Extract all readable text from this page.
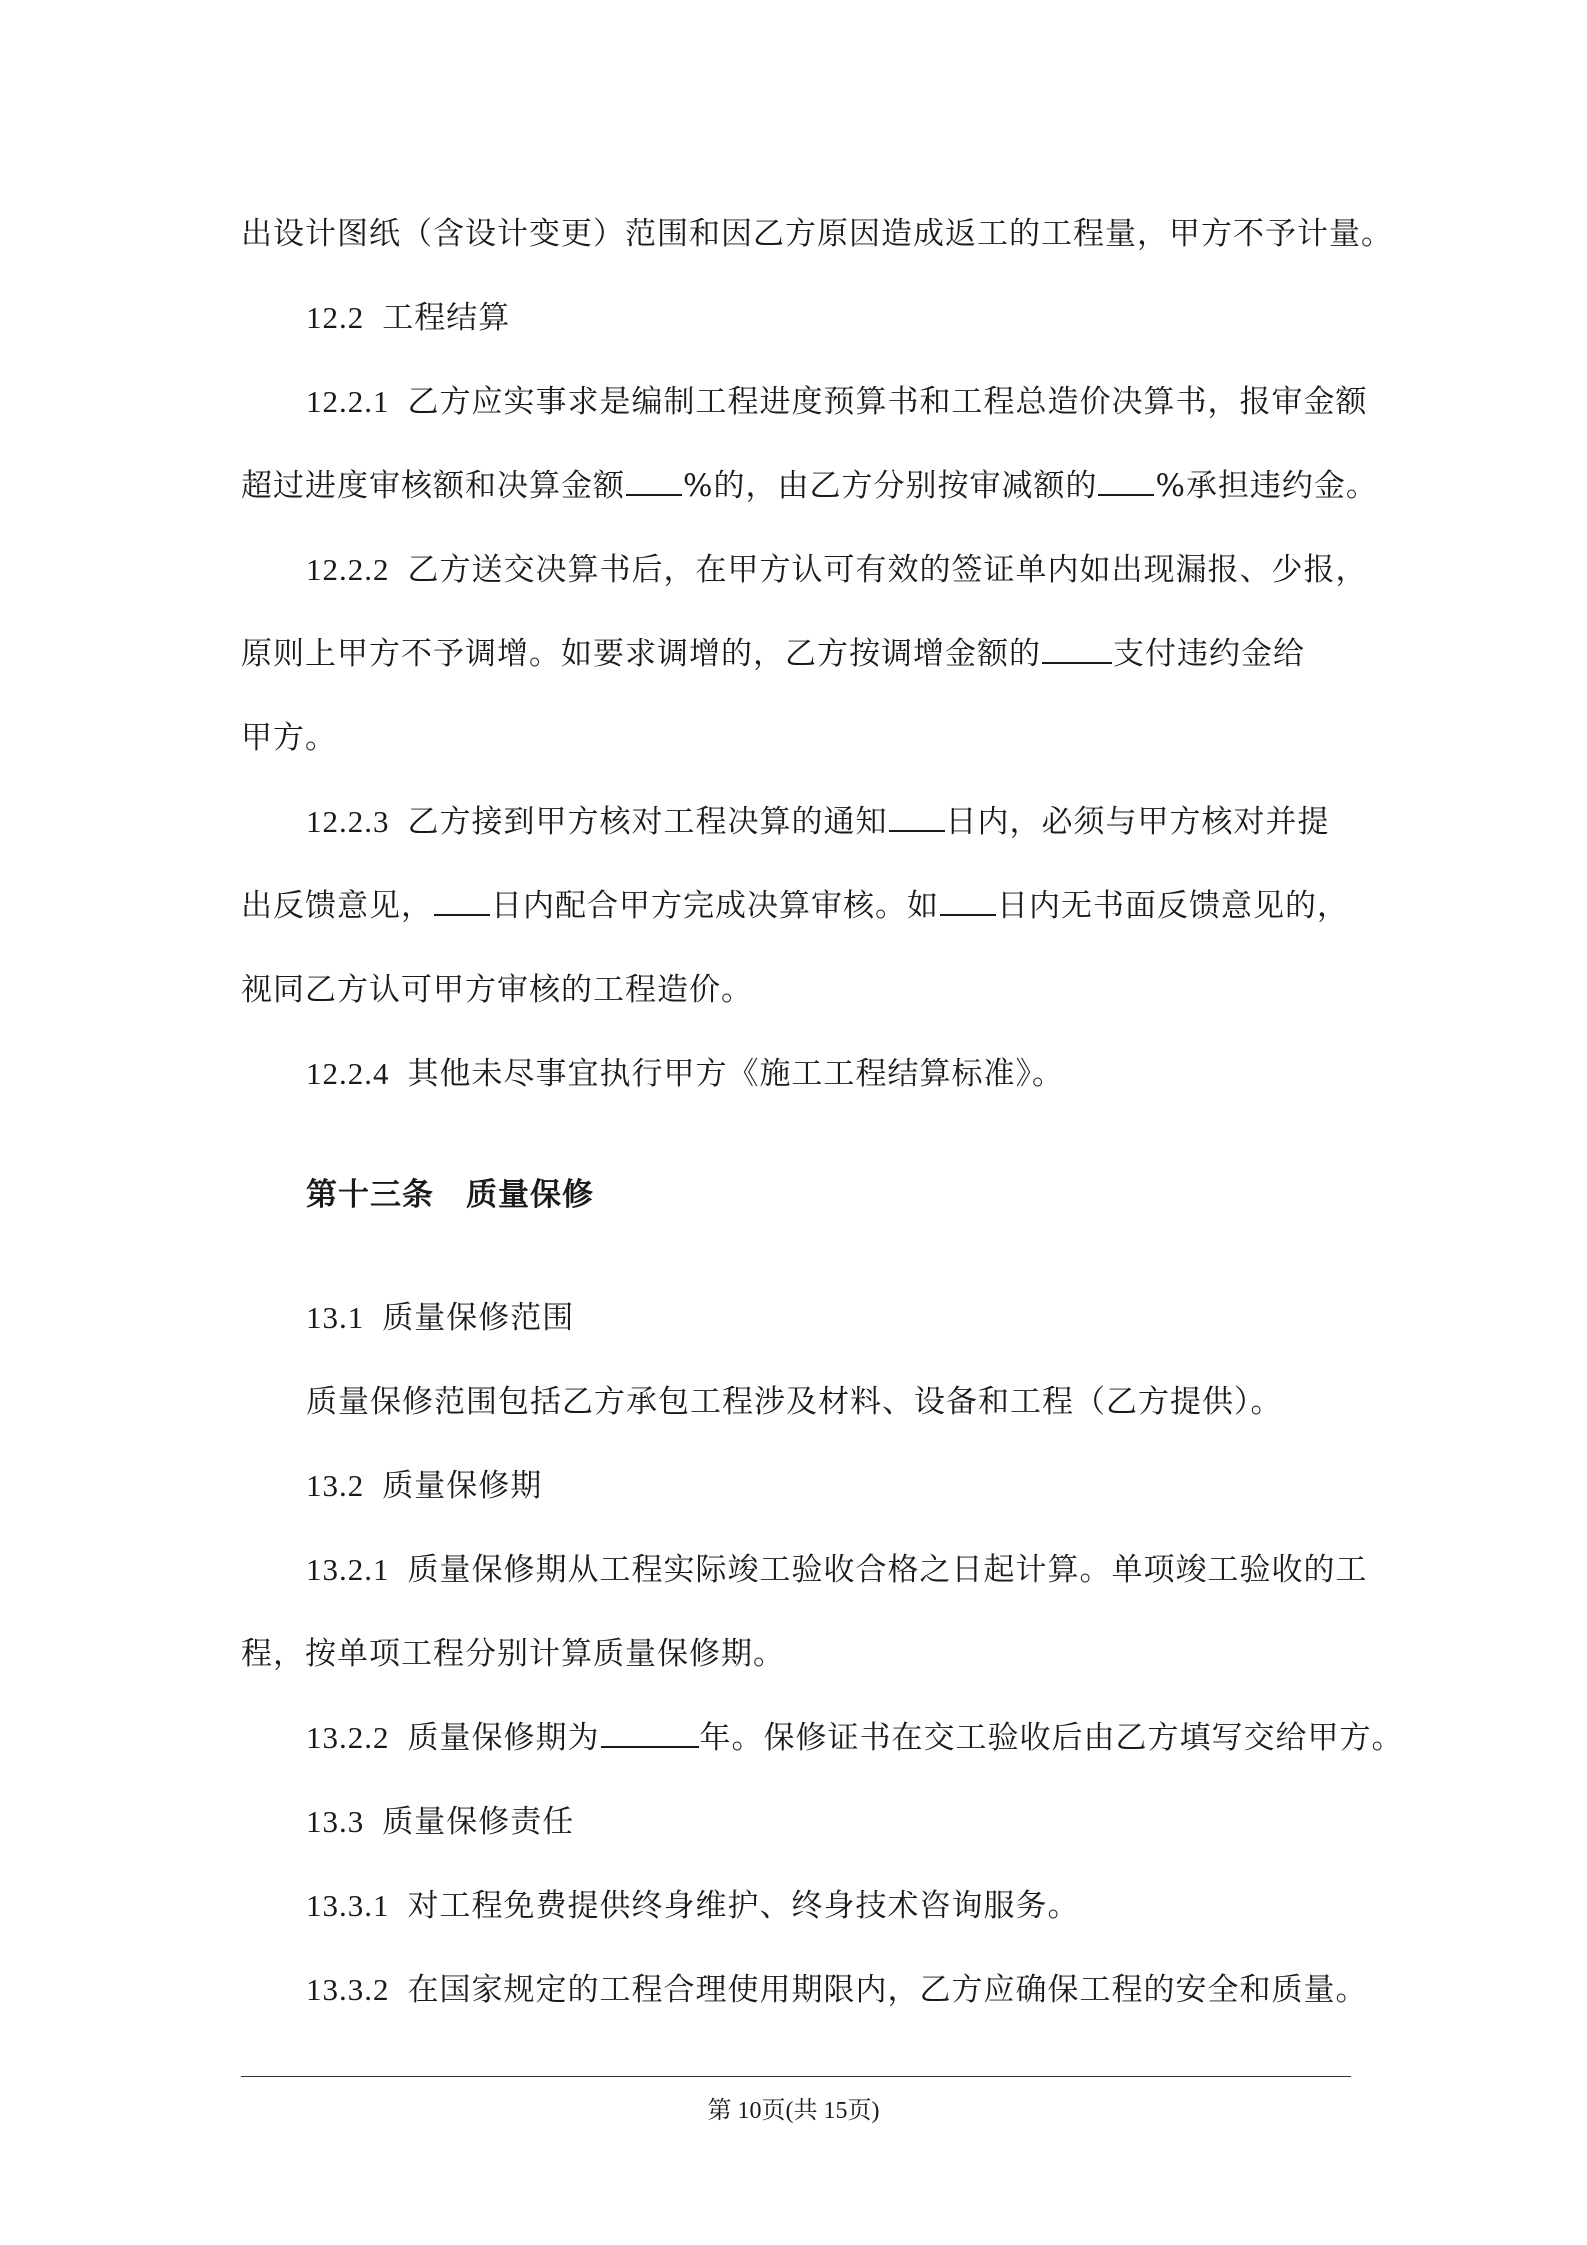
出设计图纸（含设计变更）范围和因乙方原因造成返工的工程量，甲方不予计量。
12.2 工程结算
12.2.1 乙方应实事求是编制工程进度预算书和工程总造价决算书，报审金额
超过进度审核额和决算金额 %的，由乙方分别按审减额的 %承担违约金。
12.2.2 乙方送交决算书后，在甲方认可有效的签证单内如出现漏报、少报，
原则上甲方不予调增。如要求调增的，乙方按调增金额的 支付违约金给
甲方。
12.2.3 乙方接到甲方核对工程决算的通知 日内，必须与甲方核对并提
出反馈意见， 日内配合甲方完成决算审核。如 日内无书面反馈意见的，
视同乙方认可甲方审核的工程造价。
12.2.4 其他未尽事宜执行甲方《施工工程结算标准》。
第十三条 质量保修
13.1 质量保修范围
质量保修范围包括乙方承包工程涉及材料、设备和工程（乙方提供）。
13.2 质量保修期
13.2.1 质量保修期从工程实际竣工验收合格之日起计算。单项竣工验收的工
程，按单项工程分别计算质量保修期。
13.2.2 质量保修期为	年。保修证书在交工验收后由乙方填写交给甲方。
13.3 质量保修责任
13.3.1 对工程免费提供终身维护、终身技术咨询服务。
13.3.2 在国家规定的工程合理使用期限内，乙方应确保工程的安全和质量。
第 10页(共 15页)
